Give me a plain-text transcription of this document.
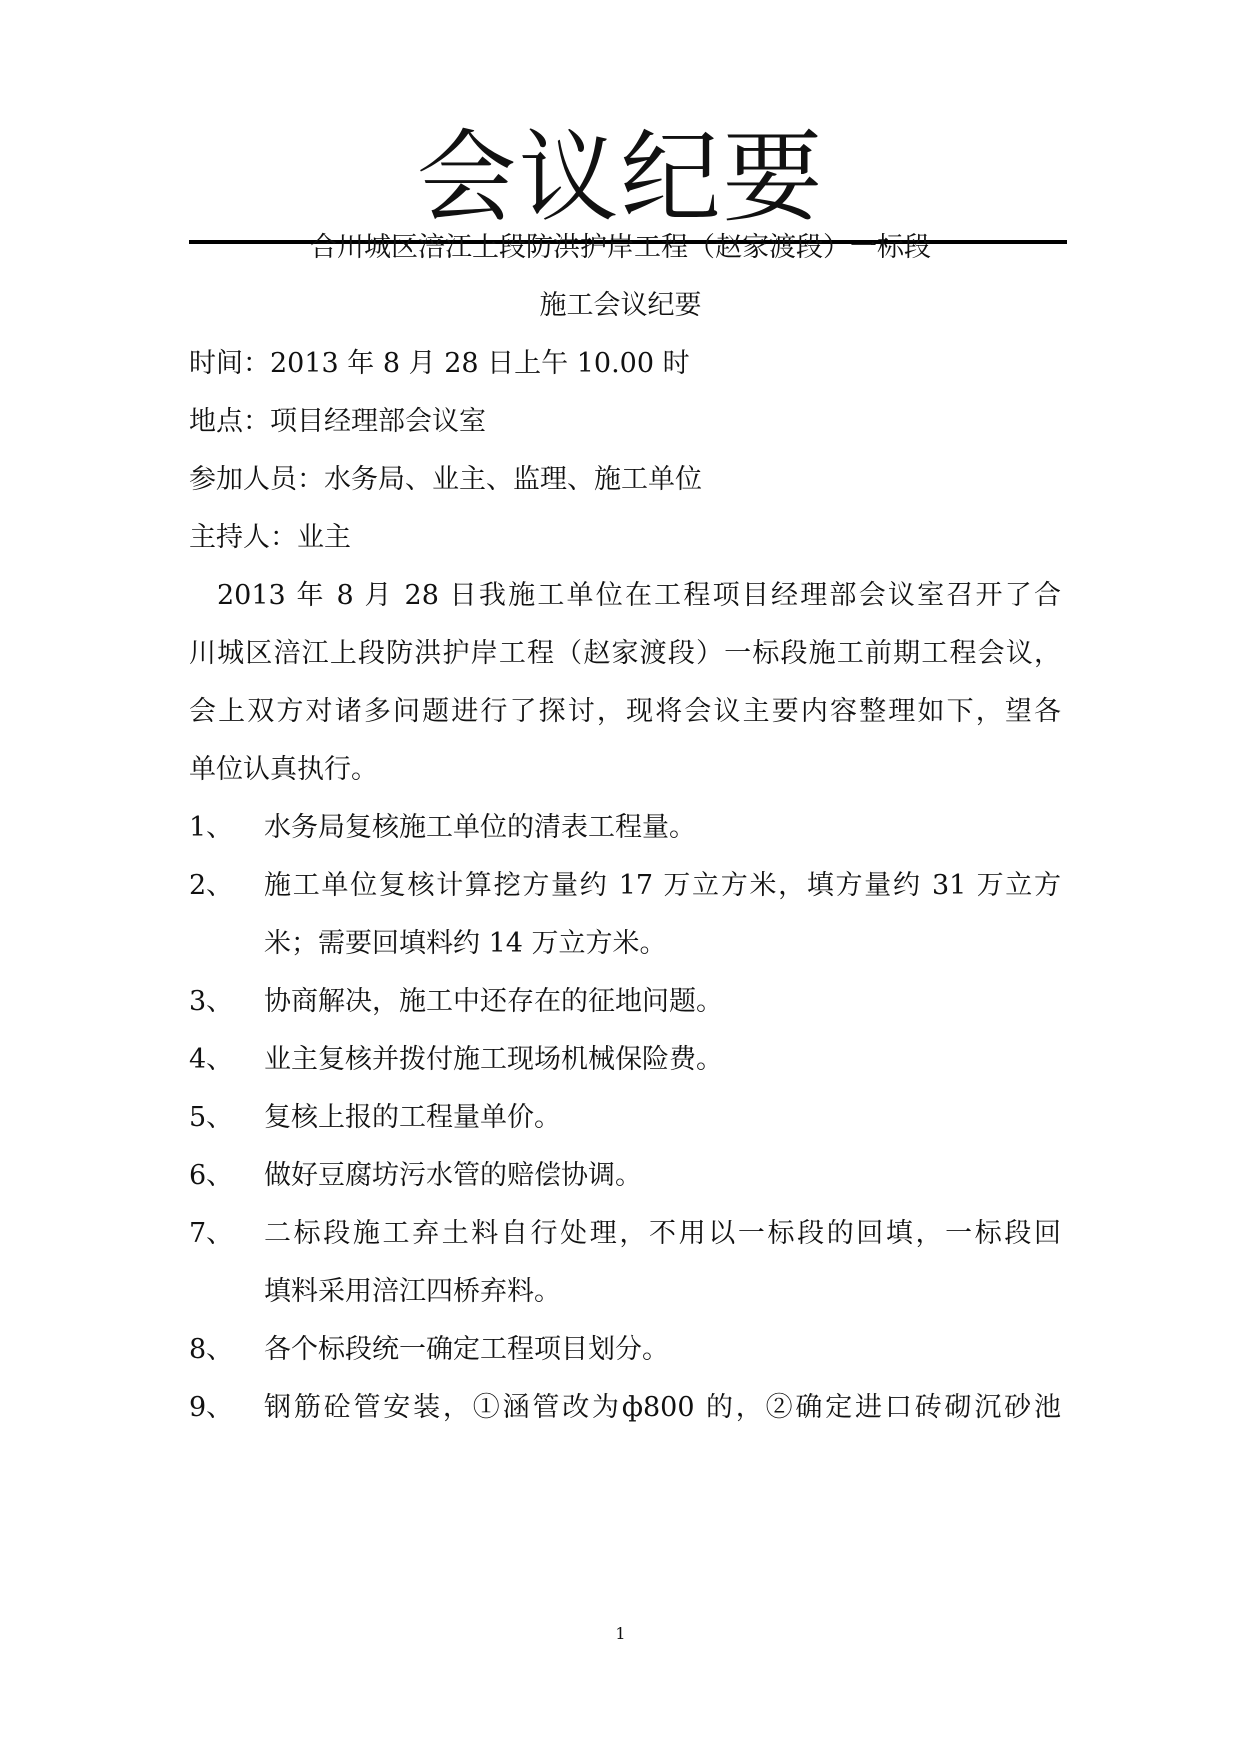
会议纪要
合川城区涪江上段防洪护岸工程（赵家渡段）一标段
施工会议纪要
时间：2013 年 8 月 28 日上午 10.00 时
地点：项目经理部会议室
参加人员：水务局、业主、监理、施工单位
主持人：业主
2013 年 8 月 28 日我施工单位在工程项目经理部会议室召开了合
川城区涪江上段防洪护岸工程（赵家渡段）一标段施工前期工程会议，
会上双方对诸多问题进行了探讨，现将会议主要内容整理如下，望各
单位认真执行。
1、 水务局复核施工单位的清表工程量。
2、 施工单位复核计算挖方量约 17 万立方米，填方量约 31 万立方
米；需要回填料约 14 万立方米。
3、 协商解决，施工中还存在的征地问题。
4、 业主复核并拨付施工现场机械保险费。
5、 复核上报的工程量单价。
6、 做好豆腐坊污水管的赔偿协调。
7、 二标段施工弃土料自行处理，不用以一标段的回填，一标段回
填料采用涪江四桥弃料。
8、 各个标段统一确定工程项目划分。
9、 钢筋砼管安装，①涵管改为ф800 的，②确定进口砖砌沉砂池
1
